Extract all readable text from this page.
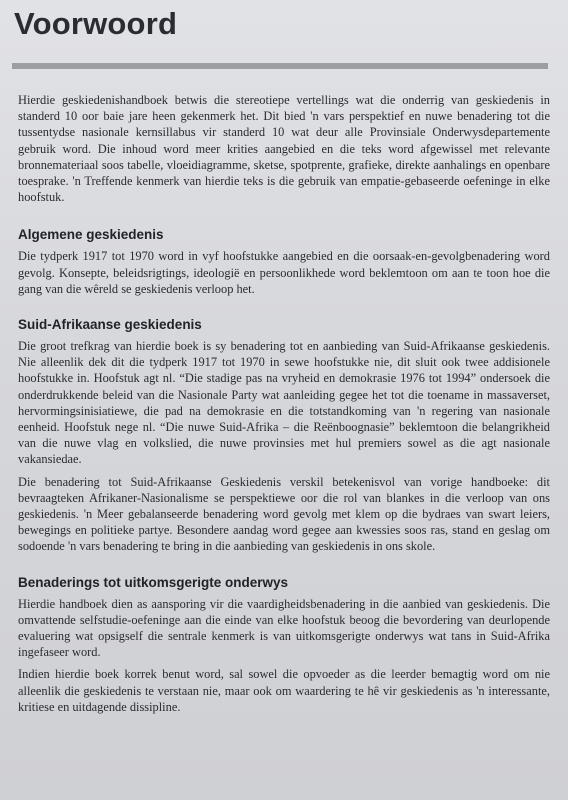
Voorwoord

Hierdie geskiedenishandboek betwis die stereotiepe vertellings wat die onderrig van geskiedenis in standerd 10 oor baie jare heen gekenmerk het. Dit bied 'n vars perspektief en nuwe benadering tot die tussentydse nasionale kernsillabus vir standerd 10 wat deur alle Provinsiale Onderwysdepartemente gebruik word. Die inhoud word meer krities aangebied en die teks word afgewissel met relevante bronnemateriaal soos tabelle, vloeidiagramme, sketse, spotprente, grafieke, direkte aanhalings en openbare toesprake. 'n Treffende kenmerk van hierdie teks is die gebruik van empatie-gebaseerde oefeninge in elke hoofstuk.

Algemene geskiedenis

Die tydperk 1917 tot 1970 word in vyf hoofstukke aangebied en die oorsaak-en-gevolgbenadering word gevolg. Konsepte, beleidsrigtings, ideologië en persoonlikhede word beklemtoon om aan te toon hoe die gang van die wêreld se geskiedenis verloop het.

Suid-Afrikaanse geskiedenis

Die groot trefkrag van hierdie boek is sy benadering tot en aanbieding van Suid-Afrikaanse geskiedenis. Nie alleenlik dek dit die tydperk 1917 tot 1970 in sewe hoofstukke nie, dit sluit ook twee addisionele hoofstukke in. Hoofstuk agt nl. “Die stadige pas na vryheid en demokrasie 1976 tot 1994” ondersoek die onderdrukkende beleid van die Nasionale Party wat aanleiding gegee het tot die toename in massaverset, hervormingsinisiatiewe, die pad na demokrasie en die totstandkoming van 'n regering van nasionale eenheid. Hoofstuk nege nl. “Die nuwe Suid-Afrika – die Reënboognasie” beklemtoon die belangrikheid van die nuwe vlag en volkslied, die nuwe provinsies met hul premiers sowel as die agt nasionale vakansiedae.

Die benadering tot Suid-Afrikaanse Geskiedenis verskil betekenisvol van vorige handboeke: dit bevraagteken Afrikaner-Nasionalisme se perspektiewe oor die rol van blankes in die verloop van ons geskiedenis. 'n Meer gebalanseerde benadering word gevolg met klem op die bydraes van swart leiers, bewegings en politieke partye. Besondere aandag word gegee aan kwessies soos ras, stand en geslag om sodoende 'n vars benadering te bring in die aanbieding van geskiedenis in ons skole.

Benaderings tot uitkomsgerigte onderwys

Hierdie handboek dien as aansporing vir die vaardigheidsbenadering in die aanbied van geskiedenis. Die omvattende selfstudie-oefeninge aan die einde van elke hoofstuk beoog die bevordering van deurlopende evaluering wat opsigself die sentrale kenmerk is van uitkomsgerigte onderwys wat tans in Suid-Afrika ingefaseer word.

Indien hierdie boek korrek benut word, sal sowel die opvoeder as die leerder bemagtig word om nie alleenlik die geskiedenis te verstaan nie, maar ook om waardering te hê vir geskiedenis as 'n interessante, kritiese en uitdagende dissipline.
